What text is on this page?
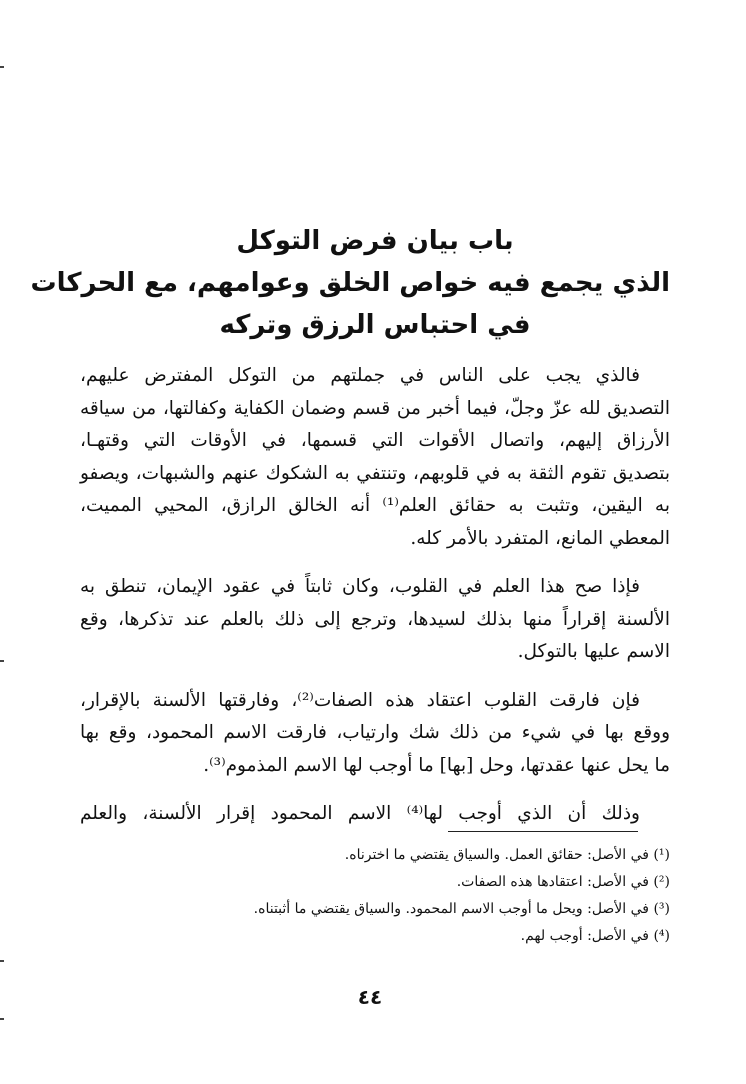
باب بيان فرض التوكل
الذي يجمع فيه خواص الخلق وعوامهم، مع الحركات
في احتباس الرزق وتركه
فالذي يجب على الناس في جملتهم من التوكل المفترض عليهم،
التصديق لله عزّ وجلّ، فيما أخبر من قسم وضمان الكفاية وكفالتها، من سياقه
الأرزاق إليهم، واتصال الأقوات التي قسمها، في الأوقات التي وقتهـا،
بتصديق تقوم الثقة به في قلوبهم، وتنتفي به الشكوك عنهم والشبهات، ويصفو
به اليقين، وتثبت به حقائق العلم⁽¹⁾ أنه الخالق الرازق، المحيي المميت،
المعطي المانع، المتفرد بالأمر كله.
فإذا صح هذا العلم في القلوب، وكان ثابتاً في عقود الإيمان، تنطق به
الألسنة إقراراً منها بذلك لسيدها، وترجع إلى ذلك بالعلم عند تذكرها، وقع
الاسم عليها بالتوكل.
فإن فارقت القلوب اعتقاد هذه الصفات⁽²⁾، وفارقتها الألسنة بالإقرار،
ووقع بها في شيء من ذلك شك وارتياب، فارقت الاسم المحمود، وقع بها
ما يحل عنها عقدتها، وحل [بها] ما أوجب لها الاسم المذموم⁽³⁾.
وذلك أن الذي أوجب لها⁽⁴⁾ الاسم المحمود إقرار الألسنة، والعلم
(¹) في الأصل: حقائق العمل. والسياق يقتضي ما اخترناه.
(²) في الأصل: اعتقادها هذه الصفات.
(³) في الأصل: ويحل ما أوجب الاسم المحمود. والسياق يقتضي ما أثبتناه.
(⁴) في الأصل: أوجب لهم.
٤٤
